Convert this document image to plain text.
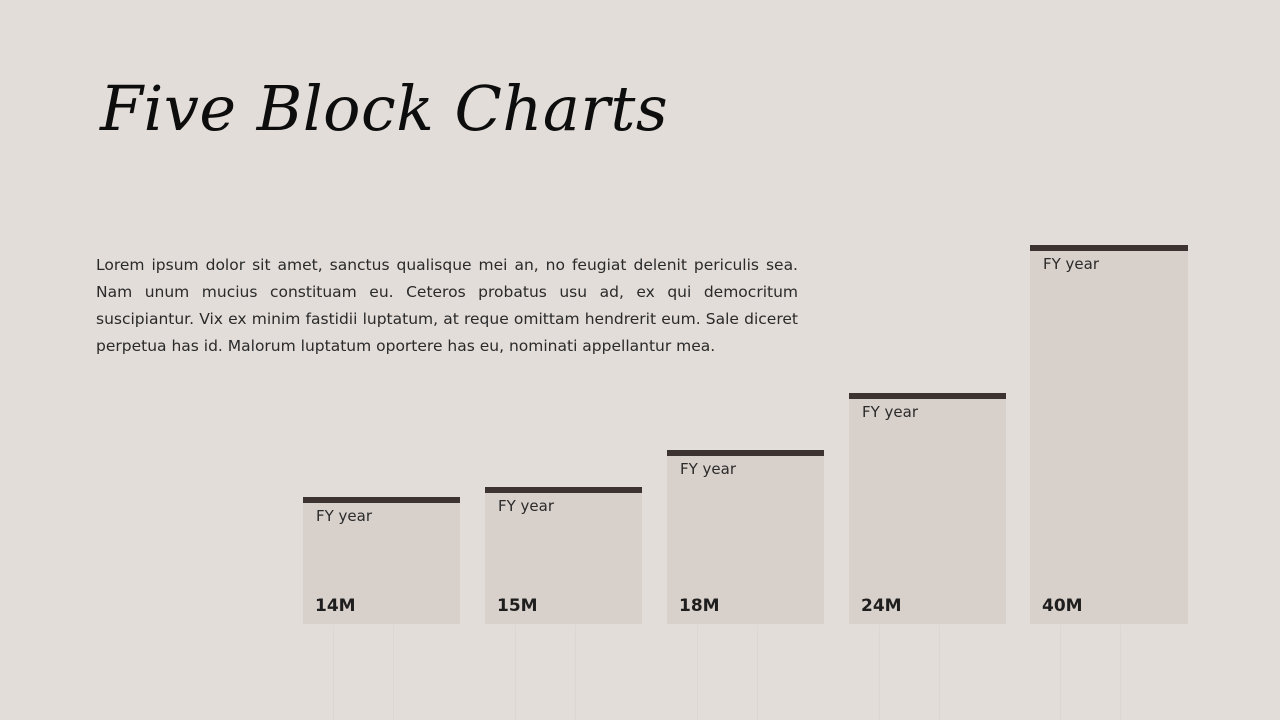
Five Block Charts

Lorem ipsum dolor sit amet, sanctus qualisque mei an, no feugiat delenit periculis sea. Nam unum mucius constituam eu. Ceteros probatus usu ad, ex qui democritum suscipiantur. Vix ex minim fastidii luptatum, at reque omittam hendrerit eum. Sale diceret perpetua has id. Malorum luptatum oportere has eu, nominati appellantur mea.

FY year
14M
FY year
15M
FY year
18M
FY year
24M
FY year
40M
